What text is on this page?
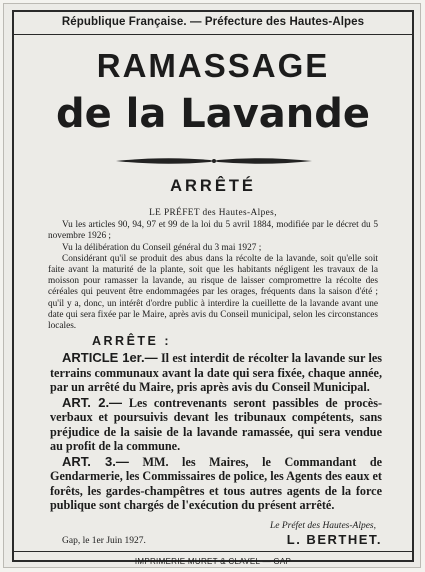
République Française. — Préfecture des Hautes-Alpes
RAMASSAGE
de la Lavande
ARRÊTÉ

LE PRÉFET des Hautes-Alpes,

Vu les articles 90, 94, 97 et 99 de la loi du 5 avril 1884, modifiée par le décret du 5 novembre 1926 ;

Vu la délibération du Conseil général du 3 mai 1927 ;

Considérant qu'il se produit des abus dans la récolte de la lavande, soit qu'elle soit faite avant la maturité de la plante, soit que les habitants négligent les travaux de la moisson pour ramasser la lavande, au risque de laisser compromettre la récolte des céréales qui peuvent être endommagées par les orages, fréquents dans la saison d'été ; qu'il y a, donc, un intérêt d'ordre public à interdire la cueillette de la lavande avant une date qui sera fixée par le Maire, après avis du Conseil municipal, selon les circonstances locales.

ARRÊTE :

ARTICLE 1er.— Il est interdit de récolter la lavande sur les terrains communaux avant la date qui sera fixée, chaque année, par un arrêté du Maire, pris après avis du Conseil Municipal.

ART. 2.— Les contrevenants seront passibles de procès-verbaux et poursuivis devant les tribunaux compétents, sans préjudice de la saisie de la lavande ramassée, qui sera vendue au profit de la commune.

ART. 3.— MM. les Maires, le Commandant de Gendarmerie, les Commissaires de police, les Agents des eaux et forêts, les gardes-champêtres et tous autres agents de la force publique sont chargés de l'exécution du présent arrêté.

Le Préfet des Hautes-Alpes,
Gap, le 1er Juin 1927.	L. BERTHET.
IMPRIMERIE MURET & CLAVEL — GAP
